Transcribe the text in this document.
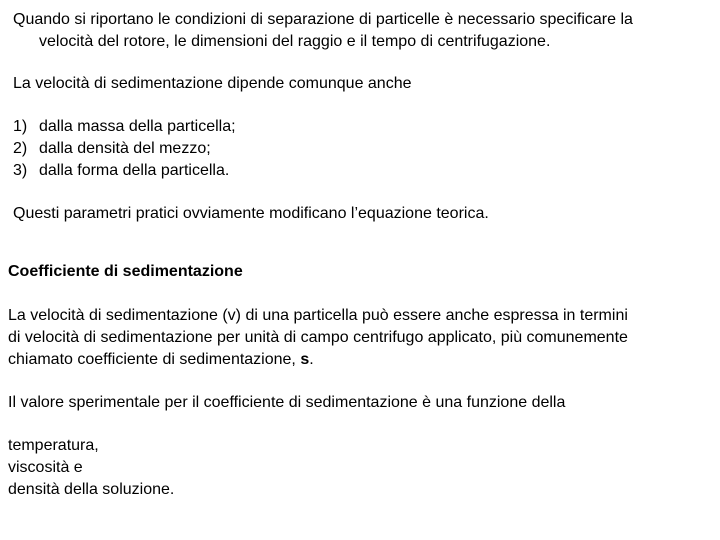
Quando si riportano le condizioni di separazione di particelle è necessario specificare la
velocità del rotore, le dimensioni del raggio e il tempo di centrifugazione.
La velocità di sedimentazione dipende comunque anche
1) dalla massa della particella;
2) dalla densità del mezzo;
3) dalla forma della particella.
Questi parametri pratici ovviamente modificano l’equazione teorica.
Coefficiente di sedimentazione
La velocità di sedimentazione (v) di una particella può essere anche espressa in termini
di velocità di sedimentazione per unità di campo centrifugo applicato, più comunemente
chiamato coefficiente di sedimentazione, s.
Il valore sperimentale per il coefficiente di sedimentazione è una funzione della
temperatura,
viscosità e
densità della soluzione.
